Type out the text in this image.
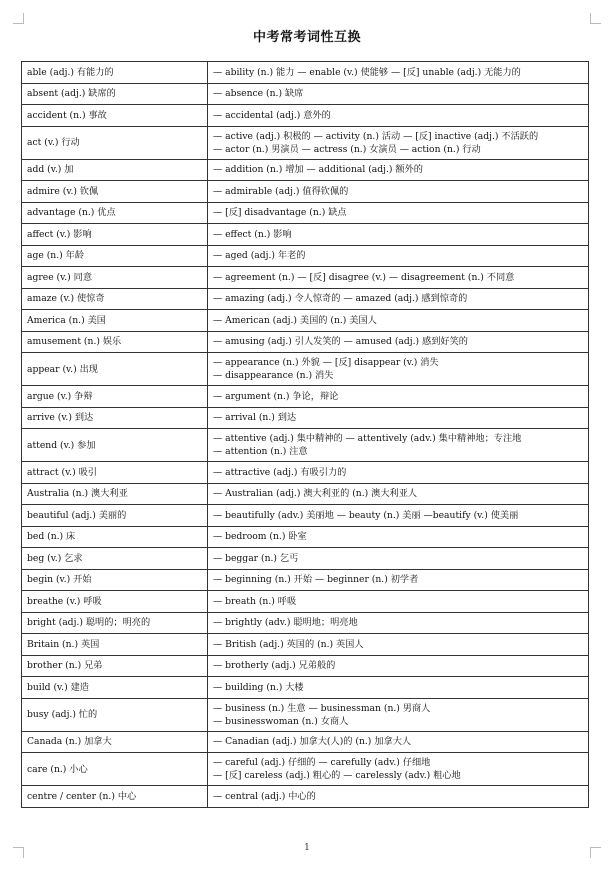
中考常考词性互换
able (adj.) 有能力的	— ability (n.) 能力 — enable (v.) 使能够 — [反] unable (adj.) 无能力的

absent (adj.) 缺席的	— absence (n.) 缺席

accident (n.) 事故	— accidental (adj.) 意外的

act (v.) 行动	— active (adj.) 积极的 — activity (n.) 活动 — [反] inactive (adj.) 不活跃的
— actor (n.) 男演员 — actress (n.) 女演员 — action (n.) 行动

add (v.) 加	— addition (n.) 增加 — additional (adj.) 额外的

admire (v.) 钦佩	— admirable (adj.) 值得钦佩的

advantage (n.) 优点	— [反] disadvantage (n.) 缺点

affect (v.) 影响	— effect (n.) 影响

age (n.) 年龄	— aged (adj.) 年老的

agree (v.) 同意	— agreement (n.) — [反] disagree (v.) — disagreement (n.) 不同意

amaze (v.) 使惊奇	— amazing (adj.) 令人惊奇的 — amazed (adj.) 感到惊奇的

America (n.) 美国	— American (adj.) 美国的 (n.) 美国人

amusement (n.) 娱乐	— amusing (adj.) 引人发笑的 — amused (adj.) 感到好笑的

appear (v.) 出现	— appearance (n.) 外貌 — [反] disappear (v.) 消失
— disappearance (n.) 消失

argue (v.) 争辩	— argument (n.) 争论，辩论

arrive (v.) 到达	— arrival (n.) 到达

attend (v.) 参加	— attentive (adj.) 集中精神的 — attentively (adv.) 集中精神地；专注地
— attention (n.) 注意

attract (v.) 吸引	— attractive (adj.) 有吸引力的

Australia (n.) 澳大利亚	— Australian (adj.) 澳大利亚的 (n.) 澳大利亚人

beautiful (adj.) 美丽的	— beautifully (adv.) 美丽地 — beauty (n.) 美丽 —beautify (v.) 使美丽

bed (n.) 床	— bedroom (n.) 卧室

beg (v.) 乞求	— beggar (n.) 乞丐

begin (v.) 开始	— beginning (n.) 开始 — beginner (n.) 初学者

breathe (v.) 呼吸	— breath (n.) 呼吸

bright (adj.) 聪明的；明亮的	— brightly (adv.) 聪明地；明亮地

Britain (n.) 英国	— British (adj.) 英国的 (n.) 英国人

brother (n.) 兄弟	— brotherly (adj.) 兄弟般的

build (v.) 建造	— building (n.) 大楼

busy (adj.) 忙的	— business (n.) 生意 — businessman (n.) 男商人
— businesswoman (n.) 女商人

Canada (n.) 加拿大	— Canadian (adj.) 加拿大(人)的 (n.) 加拿大人

care (n.) 小心	— careful (adj.) 仔细的 — carefully (adv.) 仔细地
— [反] careless (adj.) 粗心的 — carelessly (adv.) 粗心地

centre / center (n.) 中心	— central (adj.) 中心的
1
